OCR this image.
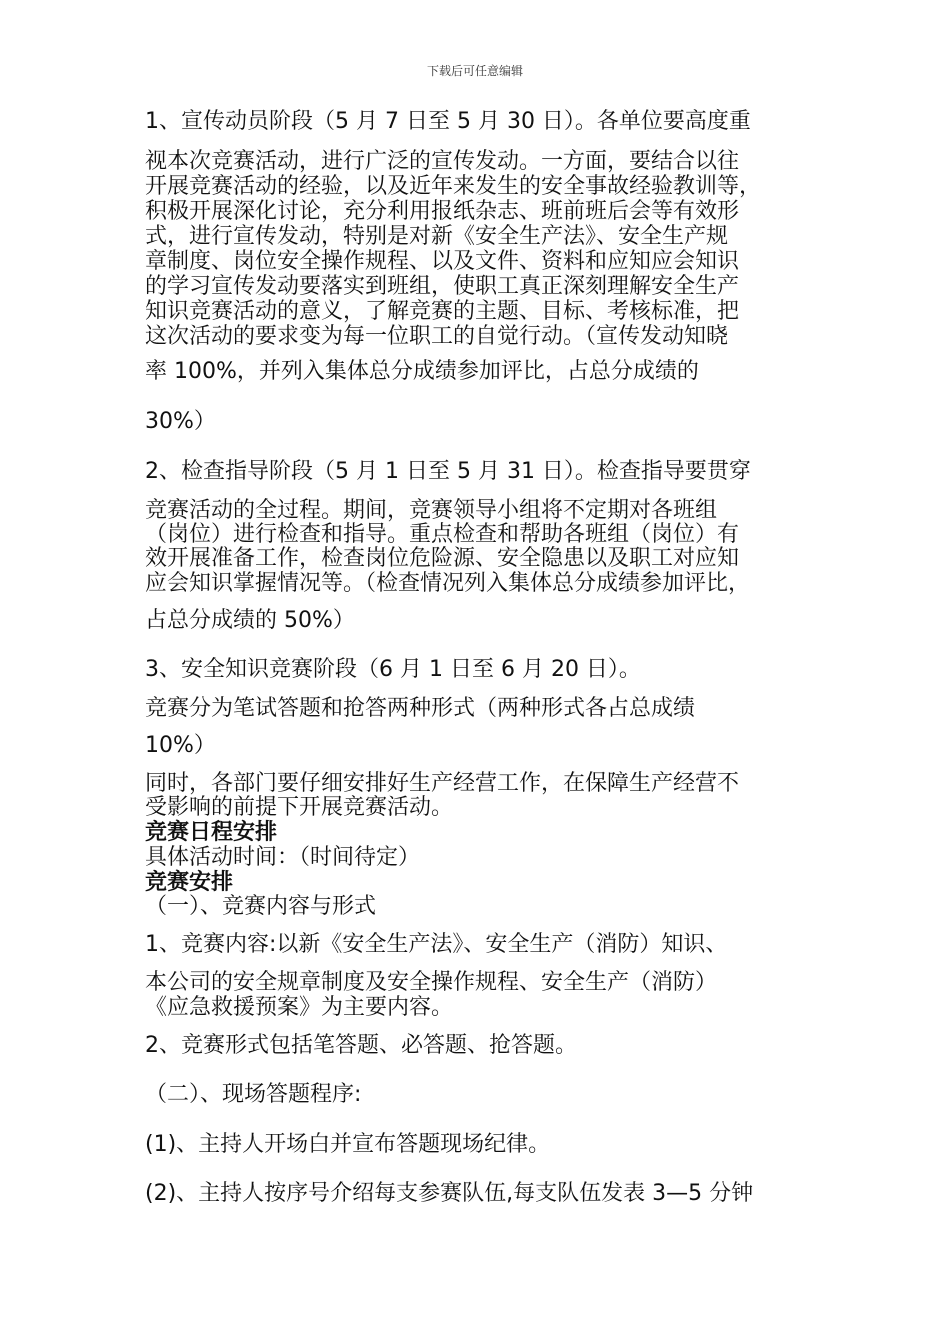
下载后可任意编辑
1、宣传动员阶段（5 月 7 日至 5 月 30 日）。各单位要高度重
视本次竞赛活动，进行广泛的宣传发动。一方面，要结合以往
开展竞赛活动的经验，以及近年来发生的安全事故经验教训等，
积极开展深化讨论，充分利用报纸杂志、班前班后会等有效形
式，进行宣传发动，特别是对新《安全生产法》、安全生产规
章制度、岗位安全操作规程、以及文件、资料和应知应会知识
的学习宣传发动要落实到班组，使职工真正深刻理解安全生产
知识竞赛活动的意义，了解竞赛的主题、目标、考核标准，把
这次活动的要求变为每一位职工的自觉行动。（宣传发动知晓
率 100%，并列入集体总分成绩参加评比，占总分成绩的
30%）
2、检查指导阶段（5 月 1 日至 5 月 31 日）。检查指导要贯穿
竞赛活动的全过程。期间，竞赛领导小组将不定期对各班组
（岗位）进行检查和指导。重点检查和帮助各班组（岗位）有
效开展准备工作，检查岗位危险源、安全隐患以及职工对应知
应会知识掌握情况等。（检查情况列入集体总分成绩参加评比，
占总分成绩的 50%）
3、安全知识竞赛阶段（6 月 1 日至 6 月 20 日）。
竞赛分为笔试答题和抢答两种形式（两种形式各占总成绩
10%）
同时，各部门要仔细安排好生产经营工作，在保障生产经营不
受影响的前提下开展竞赛活动。
竞赛日程安排
具体活动时间：（时间待定）
竞赛安排
（一）、竞赛内容与形式
1、竞赛内容:以新《安全生产法》、安全生产（消防）知识、
本公司的安全规章制度及安全操作规程、安全生产（消防）
《应急救援预案》为主要内容。
2、竞赛形式包括笔答题、必答题、抢答题。
（二）、现场答题程序:
(1)、主持人开场白并宣布答题现场纪律。
(2)、主持人按序号介绍每支参赛队伍,每支队伍发表 3—5 分钟
